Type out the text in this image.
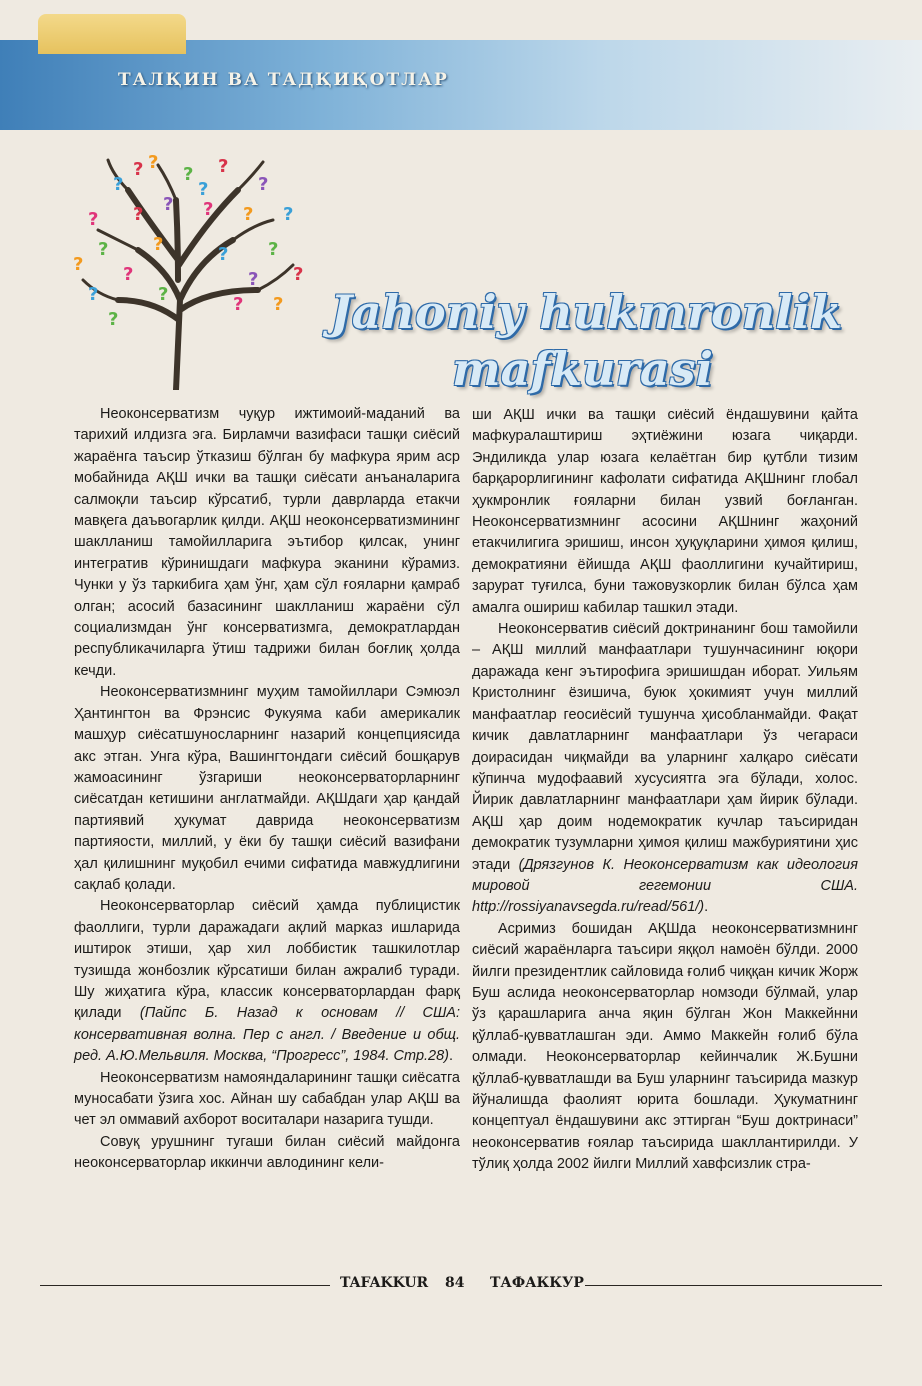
ТАЛҚИН ВА ТАДҚИҚОТЛАР
?
?
?
? ?
?
?
?
?
? ? ? ?
?
?
?
?
?	?
?
?
?
?
?
?
?	Jahoniy hukmronlik
mafkurasi

Неоконсерватизм чуқур ижтимоий-маданий ва тарихий илдизга эга. Бирламчи вазифаси ташқи сиёсий жараёнга таъсир ўтказиш бўлган бу мафкура ярим аср мобайнида АҚШ ички ва ташқи сиёсати анъаналарига салмоқли таъсир кўрсатиб, турли даврларда етакчи мавқега даъвогарлик қилди. АҚШ неоконсерватизмининг шаклланиш тамойилларига эътибор қилсак, унинг интегратив кўринишдаги мафкура эканини кўрамиз. Чунки у ўз таркибига ҳам ўнг, ҳам сўл ғояларни қамраб олган; асосий базасининг шаклланиш жараёни сўл социализмдан ўнг консерватизмга, демократлардан республикачиларга ўтиш тадрижи билан боғлиқ ҳолда кечди.

Неоконсерватизмнинг муҳим тамойиллари Сэмюэл Ҳантингтон ва Фрэнсис Фукуяма каби америкалик машҳур сиёсатшуносларнинг назарий концепциясида акс этган. Унга кўра, Вашингтондаги сиёсий бошқарув жамоасининг ўзгариши неоконсерваторларнинг сиёсатдан кетишини англатмайди. АҚШдаги ҳар қандай партиявий ҳукумат даврида неоконсерватизм партияости, миллий, у ёки бу ташқи сиёсий вазифани ҳал қилишнинг муқобил ечими сифатида мавжудлигини сақлаб қолади.

Неоконсерваторлар сиёсий ҳамда публицистик фаоллиги, турли даражадаги ақлий марказ ишларида иштирок этиши, ҳар хил лоббистик ташкилотлар тузишда жонбозлик кўрсатиши билан ажралиб туради. Шу жиҳатига кўра, классик консерваторлардан фарқ қилади (Пайпс Б. Назад к основам // США: консервативная волна. Пер с англ. / Введение и общ. ред. А.Ю.Мельвиля. Москва, “Прогресс”, 1984. Стр.28).

Неоконсерватизм намояндаларининг ташқи сиёсатга муносабати ўзига хос. Айнан шу сабабдан улар АҚШ ва чет эл оммавий ахборот воситалари назарига тушди.

Совуқ урушнинг тугаши билан сиёсий майдонга неоконсерваторлар иккинчи авлодининг кели-

ши АҚШ ички ва ташқи сиёсий ёндашувини қайта мафкуралаштириш эҳтиёжини юзага чиқарди. Эндиликда улар юзага келаётган бир қутбли тизим барқарорлигининг кафолати сифатида АҚШнинг глобал ҳукмронлик ғояларни билан узвий боғланган. Неоконсерватизмнинг асосини АҚШнинг жаҳоний етакчилигига эришиш, инсон ҳуқуқларини ҳимоя қилиш, демократияни ёйишда АҚШ фаоллигини кучайтириш, зарурат туғилса, буни тажовузкорлик билан бўлса ҳам амалга ошириш кабилар ташкил этади.

Неоконсерватив сиёсий доктринанинг бош тамойили – АҚШ миллий манфаатлари тушунчасининг юқори даражада кенг эътирофига эришишдан иборат. Уильям Кристолнинг ёзишича, буюк ҳокимият учун миллий манфаатлар геосиёсий тушунча ҳисобланмайди. Фақат кичик давлатларнинг манфаатлари ўз чегараси доирасидан чиқмайди ва уларнинг халқаро сиёсати кўпинча мудофаавий хусусиятга эга бўлади, холос. Йирик давлатларнинг манфаатлари ҳам йирик бўлади. АҚШ ҳар доим нодемократик кучлар таъсиридан демократик тузумларни ҳимоя қилиш мажбуриятини ҳис этади (Дрязгунов К. Неоконсерватизм как идеология мировой гегемонии США. http://rossiyanavsegda.ru/read/561/).

Асримиз бошидан АҚШда неоконсерватизмнинг сиёсий жараёнларга таъсири яққол намоён бўлди. 2000 йилги президентлик сайловида ғолиб чиққан кичик Жорж Буш аслида неоконсерваторлар номзоди бўлмай, улар ўз қарашларига анча яқин бўлган Жон Маккейнни қўллаб-қувватлашган эди. Аммо Маккейн ғолиб бўла олмади. Неоконсерваторлар кейинчалик Ж.Бушни қўллаб-қувватлашди ва Буш уларнинг таъсирида мазкур йўналишда фаолият юрита бошлади. Ҳукуматнинг концептуал ёндашувини акс эттирган “Буш доктринаси” неоконсерватив ғоялар таъсирида шакллантирилди. У тўлиқ ҳолда 2002 йилги Миллий хавфсизлик стра-

TAFAKKUR 84 ТАФАККУР
